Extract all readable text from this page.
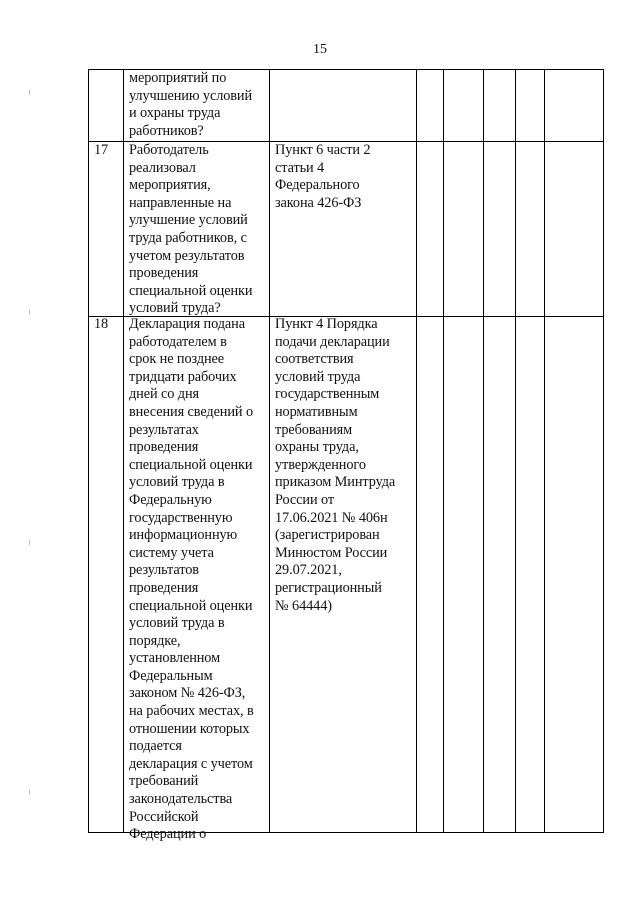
15
мероприятий по
улучшению условий
и охраны труда
работников?
17 Работодатель
реализовал
мероприятия,
направленные на
улучшение условий
труда работников, с
учетом результатов
проведения
специальной оценки
условий труда?
Пункт 6 части 2
статьи 4
Федерального
закона 426-ФЗ
18 Декларация подана
работодателем в
срок не позднее
тридцати рабочих
дней со дня
внесения сведений о
результатах
проведения
специальной оценки
условий труда в
Федеральную
государственную
информационную
систему учета
результатов
проведения
специальной оценки
условий труда в
порядке,
установленном
Федеральным
законом № 426-ФЗ,
на рабочих местах, в
отношении которых
подается
декларация с учетом
требований
законодательства
Российской
Федерации о
Пункт 4 Порядка
подачи декларации
соответствия
условий труда
государственным
нормативным
требованиям
охраны труда,
утвержденного
приказом Минтруда
России от
17.06.2021 № 406н
(зарегистрирован
Минюстом России
29.07.2021,
регистрационный
№ 64444)
